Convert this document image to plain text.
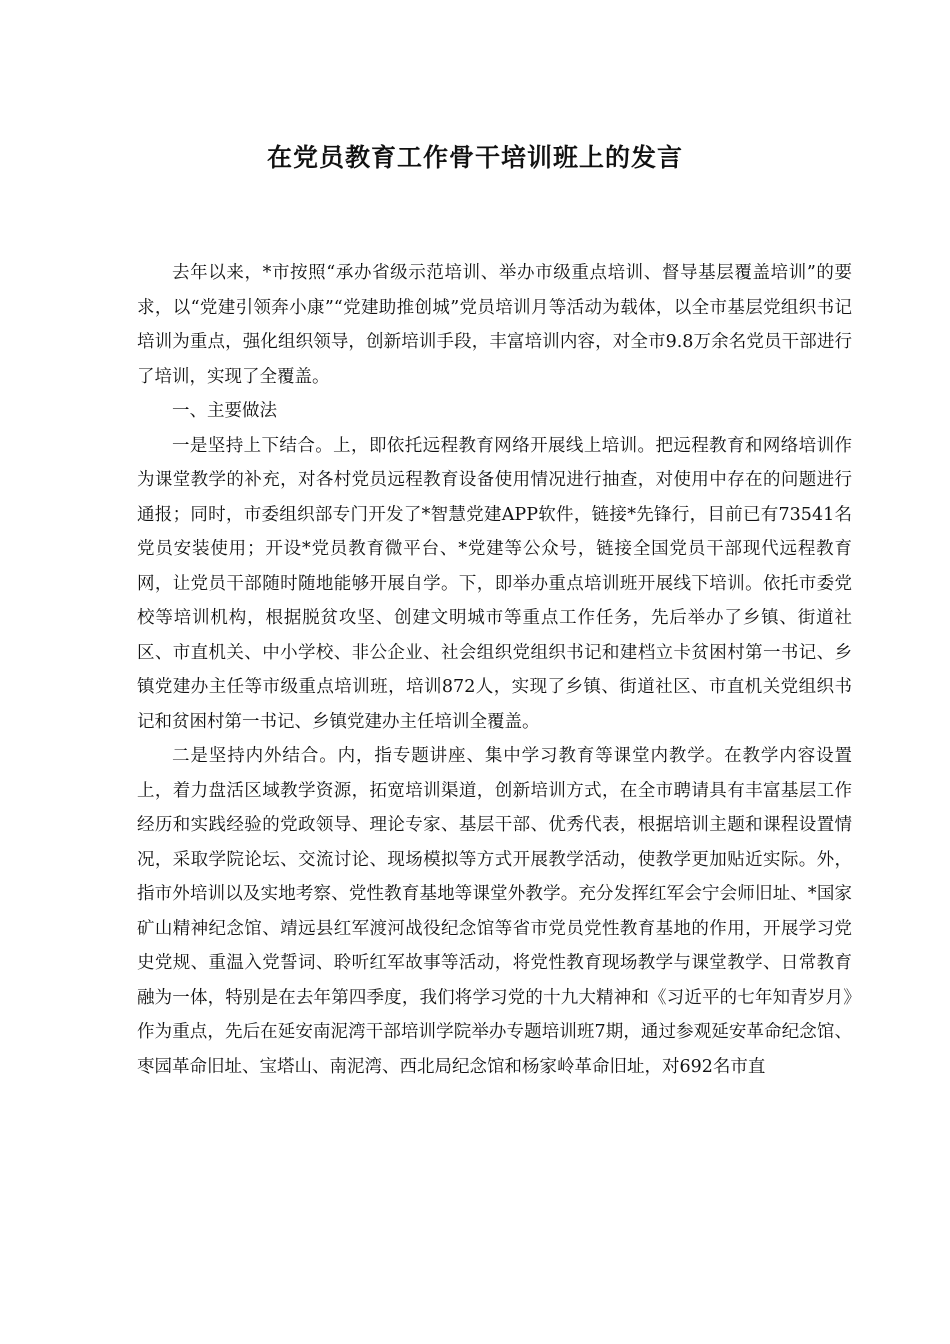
在党员教育工作骨干培训班上的发言

去年以来，*市按照“承办省级示范培训、举办市级重点培训、督导基层覆盖培训”的要求，以“党建引领奔小康”“党建助推创城”党员培训月等活动为载体，以全市基层党组织书记培训为重点，强化组织领导，创新培训手段，丰富培训内容，对全市9.8万余名党员干部进行了培训，实现了全覆盖。

一、主要做法

一是坚持上下结合。上，即依托远程教育网络开展线上培训。把远程教育和网络培训作为课堂教学的补充，对各村党员远程教育设备使用情况进行抽查，对使用中存在的问题进行通报；同时，市委组织部专门开发了*智慧党建APP软件，链接*先锋行，目前已有73541名党员安装使用；开设*党员教育微平台、*党建等公众号，链接全国党员干部现代远程教育网，让党员干部随时随地能够开展自学。下，即举办重点培训班开展线下培训。依托市委党校等培训机构，根据脱贫攻坚、创建文明城市等重点工作任务，先后举办了乡镇、街道社区、市直机关、中小学校、非公企业、社会组织党组织书记和建档立卡贫困村第一书记、乡镇党建办主任等市级重点培训班，培训872人，实现了乡镇、街道社区、市直机关党组织书记和贫困村第一书记、乡镇党建办主任培训全覆盖。

二是坚持内外结合。内，指专题讲座、集中学习教育等课堂内教学。在教学内容设置上，着力盘活区域教学资源，拓宽培训渠道，创新培训方式，在全市聘请具有丰富基层工作经历和实践经验的党政领导、理论专家、基层干部、优秀代表，根据培训主题和课程设置情况，采取学院论坛、交流讨论、现场模拟等方式开展教学活动，使教学更加贴近实际。外，指市外培训以及实地考察、党性教育基地等课堂外教学。充分发挥红军会宁会师旧址、*国家矿山精神纪念馆、靖远县红军渡河战役纪念馆等省市党员党性教育基地的作用，开展学习党史党规、重温入党誓词、聆听红军故事等活动，将党性教育现场教学与课堂教学、日常教育融为一体，特别是在去年第四季度，我们将学习党的十九大精神和《习近平的七年知青岁月》作为重点，先后在延安南泥湾干部培训学院举办专题培训班7期，通过参观延安革命纪念馆、枣园革命旧址、宝塔山、南泥湾、西北局纪念馆和杨家岭革命旧址，对692名市直
